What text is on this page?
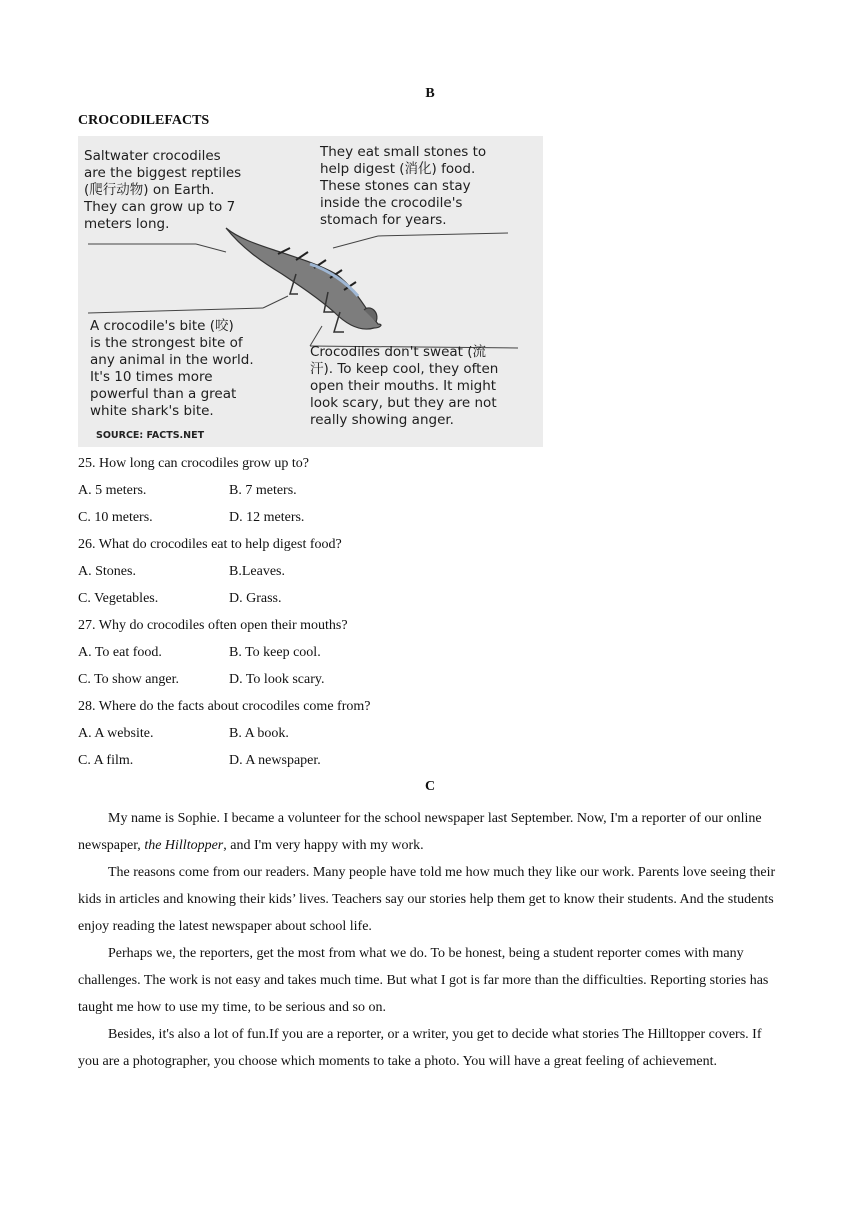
B
CROCODILEFACTS
Saltwater crocodiles
are the biggest reptiles
(爬行动物) on Earth.
They can grow up to 7
meters long.
They eat small stones to
help digest (消化) food.
These stones can stay
inside the crocodile's
stomach for years.
A crocodile's bite (咬)
is the strongest bite of
any animal in the world.
It's 10 times more
powerful than a great
white shark's bite.
Crocodiles don't sweat (流
汗). To keep cool, they often
open their mouths. It might
look scary, but they are not
really showing anger.
SOURCE: FACTS.NET
25. How long can crocodiles grow up to?
A. 5 meters.	B. 7 meters.
C. 10 meters.	D. 12 meters.
26. What do crocodiles eat to help digest food?
A. Stones.	B.Leaves.
C. Vegetables.	D. Grass.
27. Why do crocodiles often open their mouths?
A. To eat food.	B. To keep cool.
C. To show anger.	D. To look scary.
28. Where do the facts about crocodiles come from?
A. A website.	B. A book.
C. A film.	D. A newspaper.
C

My name is Sophie. I became a volunteer for the school newspaper last September. Now, I'm a reporter of our online newspaper, the Hilltopper, and I'm very happy with my work.

The reasons come from our readers. Many people have told me how much they like our work. Parents love seeing their kids in articles and knowing their kids’ lives. Teachers say our stories help them get to know their students. And the students enjoy reading the latest newspaper about school life.

Perhaps we, the reporters, get the most from what we do. To be honest, being a student reporter comes with many challenges. The work is not easy and takes much time. But what I got is far more than the difficulties. Reporting stories has taught me how to use my time, to be serious and so on.

Besides, it's also a lot of fun.If you are a reporter, or a writer, you get to decide what stories The Hilltopper covers. If you are a photographer, you choose which moments to take a photo. You will have a great feeling of achievement.
